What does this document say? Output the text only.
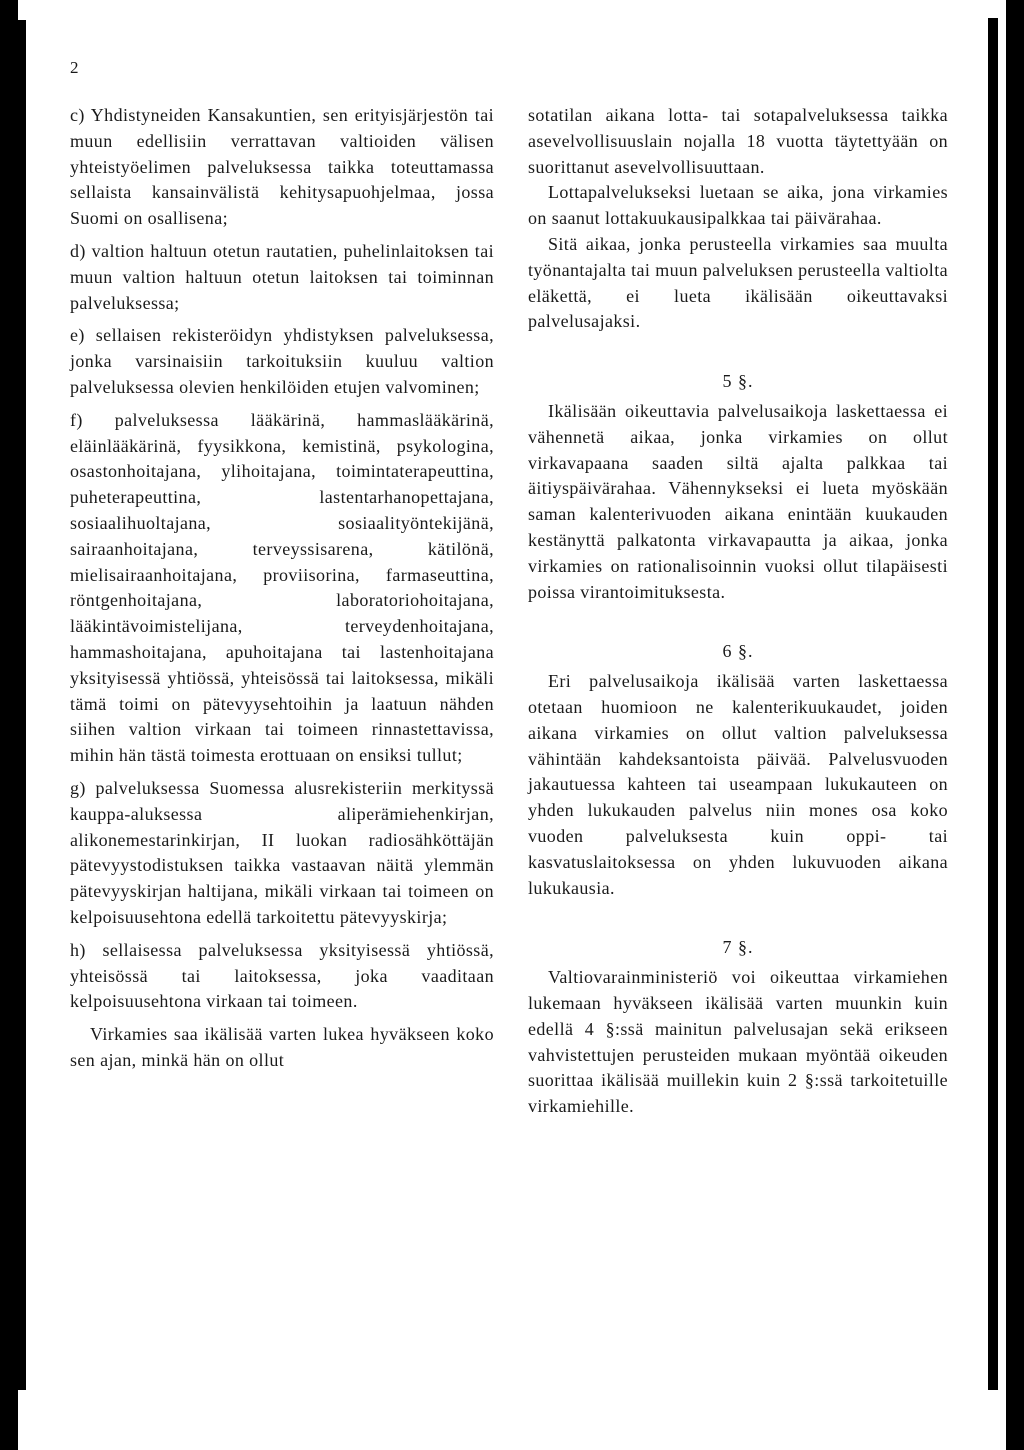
2

c) Yhdistyneiden Kansakuntien, sen erityisjärjestön tai muun edellisiin verrattavan valtioiden välisen yhteistyöelimen palveluksessa taikka toteuttamassa sellaista kansainvälistä kehitysapuohjelmaa, jossa Suomi on osallisena;

d) valtion haltuun otetun rautatien, puhelinlaitoksen tai muun valtion haltuun otetun laitoksen tai toiminnan palveluksessa;

e) sellaisen rekisteröidyn yhdistyksen palveluksessa, jonka varsinaisiin tarkoituksiin kuuluu valtion palveluksessa olevien henkilöiden etujen valvominen;

f) palveluksessa lääkärinä, hammaslääkärinä, eläinlääkärinä, fyysikkona, kemistinä, psykologina, osastonhoitajana, ylihoitajana, toimintaterapeuttina, puheterapeuttina, lastentarhanopettajana, sosiaalihuoltajana, sosiaalityöntekijänä, sairaanhoitajana, terveyssisarena, kätilönä, mielisairaanhoitajana, proviisorina, farmaseuttina, röntgenhoitajana, laboratoriohoitajana, lääkintävoimistelijana, terveydenhoitajana, hammashoitajana, apuhoitajana tai lastenhoitajana yksityisessä yhtiössä, yhteisössä tai laitoksessa, mikäli tämä toimi on pätevyysehtoihin ja laatuun nähden siihen valtion virkaan tai toimeen rinnastettavissa, mihin hän tästä toimesta erottuaan on ensiksi tullut;

g) palveluksessa Suomessa alusrekisteriin merkityssä kauppa-aluksessa aliperämiehenkirjan, alikonemestarinkirjan, II luokan radiosähköttäjän pätevyystodistuksen taikka vastaavan näitä ylemmän pätevyyskirjan haltijana, mikäli virkaan tai toimeen on kelpoisuusehtona edellä tarkoitettu pätevyyskirja;

h) sellaisessa palveluksessa yksityisessä yhtiössä, yhteisössä tai laitoksessa, joka vaaditaan kelpoisuusehtona virkaan tai toimeen.

Virkamies saa ikälisää varten lukea hyväkseen koko sen ajan, minkä hän on ollut

sotatilan aikana lotta- tai sotapalveluksessa taikka asevelvollisuuslain nojalla 18 vuotta täytettyään on suorittanut asevelvollisuuttaan.

Lottapalvelukseksi luetaan se aika, jona virkamies on saanut lottakuukausipalkkaa tai päivärahaa.

Sitä aikaa, jonka perusteella virkamies saa muulta työnantajalta tai muun palveluksen perusteella valtiolta eläkettä, ei lueta ikälisään oikeuttavaksi palvelusajaksi.

5 §.

Ikälisään oikeuttavia palvelusaikoja laskettaessa ei vähennetä aikaa, jonka virkamies on ollut virkavapaana saaden siltä ajalta palkkaa tai äitiyspäivärahaa. Vähennykseksi ei lueta myöskään saman kalenterivuoden aikana enintään kuukauden kestänyttä palkatonta virkavapautta ja aikaa, jonka virkamies on rationalisoinnin vuoksi ollut tilapäisesti poissa virantoimituksesta.

6 §.

Eri palvelusaikoja ikälisää varten laskettaessa otetaan huomioon ne kalenterikuukaudet, joiden aikana virkamies on ollut valtion palveluksessa vähintään kahdeksantoista päivää. Palvelusvuoden jakautuessa kahteen tai useampaan lukukauteen on yhden lukukauden palvelus niin mones osa koko vuoden palveluksesta kuin oppi- tai kasvatuslaitoksessa on yhden lukuvuoden aikana lukukausia.

7 §.

Valtiovarainministeriö voi oikeuttaa virkamiehen lukemaan hyväkseen ikälisää varten muunkin kuin edellä 4 §:ssä mainitun palvelusajan sekä erikseen vahvistettujen perusteiden mukaan myöntää oikeuden suorittaa ikälisää muillekin kuin 2 §:ssä tarkoitetuille virkamiehille.
